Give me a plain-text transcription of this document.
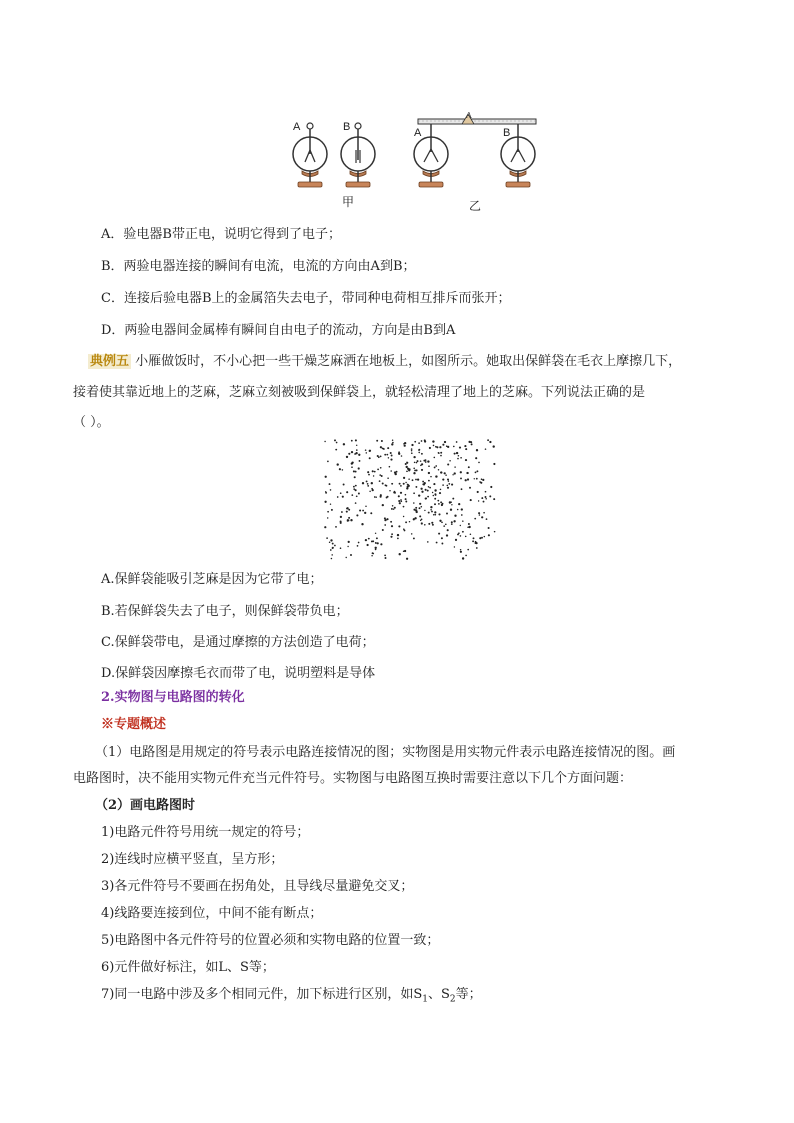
A	B
甲
A
A	B
乙
A．验电器B带正电，说明它得到了电子；
B．两验电器连接的瞬间有电流，电流的方向由A到B；
C．连接后验电器B上的金属箔失去电子，带同种电荷相互排斥而张开；
D．两验电器间金属棒有瞬间自由电子的流动，方向是由B到A
典例五 小雁做饭时，不小心把一些干燥芝麻洒在地板上，如图所示。她取出保鲜袋在毛衣上摩擦几下，
接着使其靠近地上的芝麻，芝麻立刻被吸到保鲜袋上，就轻松清理了地上的芝麻。下列说法正确的是
（ ）。
A.保鲜袋能吸引芝麻是因为它带了电；
B.若保鲜袋失去了电子，则保鲜袋带负电；
C.保鲜袋带电，是通过摩擦的方法创造了电荷；
D.保鲜袋因摩擦毛衣而带了电，说明塑料是导体
2.实物图与电路图的转化
※专题概述
（1）电路图是用规定的符号表示电路连接情况的图；实物图是用实物元件表示电路连接情况的图。画
电路图时，决不能用实物元件充当元件符号。实物图与电路图互换时需要注意以下几个方面问题：
（2）画电路图时
1)电路元件符号用统一规定的符号；
2)连线时应横平竖直，呈方形；
3)各元件符号不要画在拐角处，且导线尽量避免交叉；
4)线路要连接到位，中间不能有断点；
5)电路图中各元件符号的位置必须和实物电路的位置一致；
6)元件做好标注，如L、S等；
7)同一电路中涉及多个相同元件，加下标进行区别，如$S_1$、$S_2$等；
